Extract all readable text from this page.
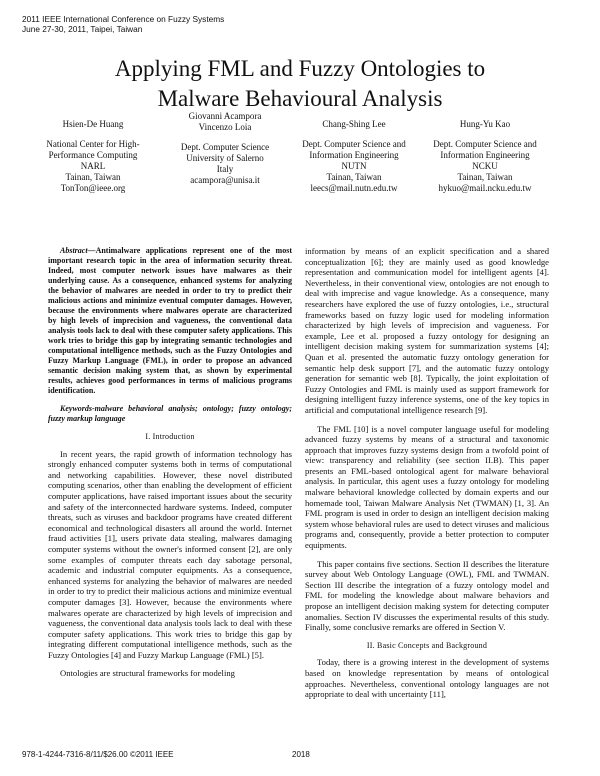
2011 IEEE International Conference on Fuzzy Systems
June 27-30, 2011, Taipei, Taiwan
Applying FML and Fuzzy Ontologies to
Malware Behavioural Analysis
Hsien-De Huang
National Center for High-
Performance Computing
NARL
Tainan, Taiwan
TonTon@ieee.org
Giovanni Acampora
Vincenzo Loia
Dept. Computer Science
University of Salerno
Italy
acampora@unisa.it
Chang-Shing Lee
Dept. Computer Science and
Information Engineering
NUTN
Tainan, Taiwan
leecs@mail.nutn.edu.tw
Hung-Yu Kao
Dept. Computer Science and
Information Engineering
NCKU
Tainan, Taiwan
hykuo@mail.ncku.edu.tw

Abstract—Antimalware applications represent one of the most important research topic in the area of information security threat. Indeed, most computer network issues have malwares as their underlying cause. As a consequence, enhanced systems for analyzing the behavior of malwares are needed in order to try to predict their malicious actions and minimize eventual computer damages. However, because the environments where malwares operate are characterized by high levels of imprecision and vagueness, the conventional data analysis tools lack to deal with these computer safety applications. This work tries to bridge this gap by integrating semantic technologies and computational intelligence methods, such as the Fuzzy Ontologies and Fuzzy Markup Language (FML), in order to propose an advanced semantic decision making system that, as shown by experimental results, achieves good performances in terms of malicious programs identification.

Keywords-malware behavioral analysis; ontology; fuzzy ontology; fuzzy markup language

I. Introduction

In recent years, the rapid growth of information technology has strongly enhanced computer systems both in terms of computational and networking capabilities. However, these novel distributed computing scenarios, other than enabling the development of efficient computer applications, have raised important issues about the security and safety of the interconnected hardware systems. Indeed, computer threats, such as viruses and backdoor programs have created different economical and technological disasters all around the world. Internet fraud activities [1], users private data stealing, malwares damaging computer systems without the owner's informed consent [2], are only some examples of computer threats each day sabotage personal, academic and industrial computer equipments. As a consequence, enhanced systems for analyzing the behavior of malwares are needed in order to try to predict their malicious actions and minimize eventual computer damages [3]. However, because the environments where malwares operate are characterized by high levels of imprecision and vagueness, the conventional data analysis tools lack to deal with these computer safety applications. This work tries to bridge this gap by integrating different computational intelligence methods, such as the Fuzzy Ontologies [4] and Fuzzy Markup Language (FML) [5].

Ontologies are structural frameworks for modeling

information by means of an explicit specification and a shared conceptualization [6]; they are mainly used as good knowledge representation and communication model for intelligent agents [4]. Nevertheless, in their conventional view, ontologies are not enough to deal with imprecise and vague knowledge. As a consequence, many researchers have explored the use of fuzzy ontologies, i.e., structural frameworks based on fuzzy logic used for modeling information characterized by high levels of imprecision and vagueness. For example, Lee et al. proposed a fuzzy ontology for designing an intelligent decision making system for summarization systems [4]; Quan et al. presented the automatic fuzzy ontology generation for semantic help desk support [7], and the automatic fuzzy ontology generation for semantic web [8]. Typically, the joint exploitation of Fuzzy Ontologies and FML is mainly used as support framework for designing intelligent fuzzy inference systems, one of the key topics in artificial and computational intelligence research [9].

The FML [10] is a novel computer language useful for modeling advanced fuzzy systems by means of a structural and taxonomic approach that improves fuzzy systems design from a twofold point of view: transparency and reliability (see section II.B). This paper presents an FML-based ontological agent for malware behavioral analysis. In particular, this agent uses a fuzzy ontology for modeling malware behavioral knowledge collected by domain experts and our homemade tool, Taiwan Malware Analysis Net (TWMAN) [1, 3]. An FML program is used in order to design an intelligent decision making system whose behavioral rules are used to detect viruses and malicious programs and, consequently, provide a better protection to computer equipments.

This paper contains five sections. Section II describes the literature survey about Web Ontology Language (OWL), FML and TWMAN. Section III describe the integration of a fuzzy ontology model and FML for modeling the knowledge about malware behaviors and propose an intelligent decision making system for detecting computer anomalies. Section IV discusses the experimental results of this study. Finally, some conclusive remarks are offered in Section V.

II. Basic Concepts and Background

Today, there is a growing interest in the development of systems based on knowledge representation by means of ontological approaches. Nevertheless, conventional ontology languages are not appropriate to deal with uncertainty [11],

978-1-4244-7316-8/11/$26.00 ©2011 IEEE	2018
